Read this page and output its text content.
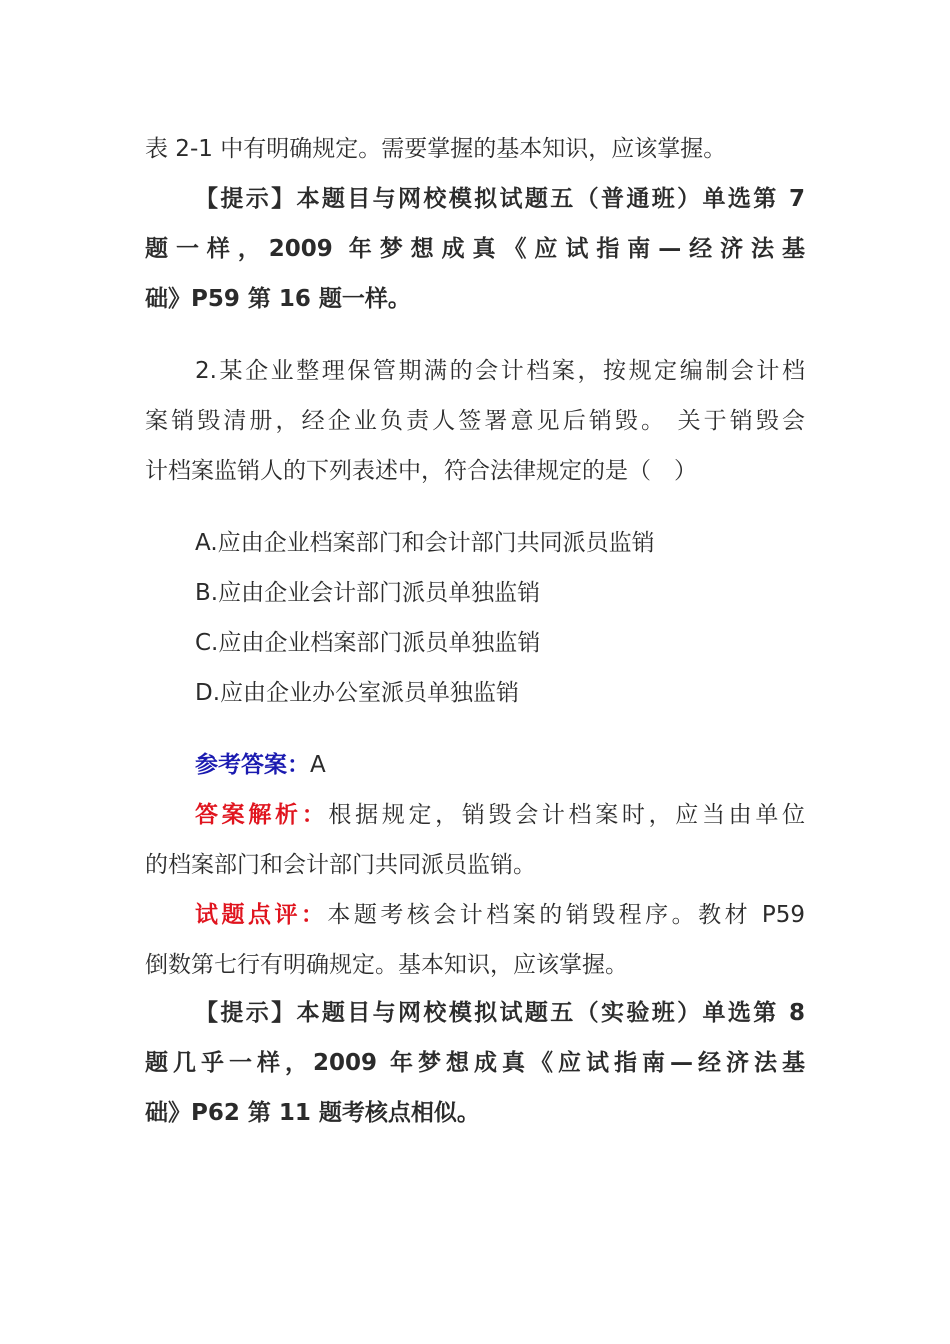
表 2-1 中有明确规定。需要掌握的基本知识，应该掌握。
【提示】本题目与网校模拟试题五（普通班）单选第 7
题一样，2009 年梦想成真《应试指南—经济法基
础》P59 第 16 题一样。
2.某企业整理保管期满的会计档案，按规定编制会计档
案销毁清册，经企业负责人签署意见后销毁。 关于销毁会
计档案监销人的下列表述中，符合法律规定的是（　）
A.应由企业档案部门和会计部门共同派员监销
B.应由企业会计部门派员单独监销
C.应由企业档案部门派员单独监销
D.应由企业办公室派员单独监销
参考答案：A
答案解析：根据规定，销毁会计档案时，应当由单位
的档案部门和会计部门共同派员监销。
试题点评：本题考核会计档案的销毁程序。教材 P59
倒数第七行有明确规定。基本知识，应该掌握。
【提示】本题目与网校模拟试题五（实验班）单选第 8
题几乎一样，2009 年梦想成真《应试指南—经济法基
础》P62 第 11 题考核点相似。
